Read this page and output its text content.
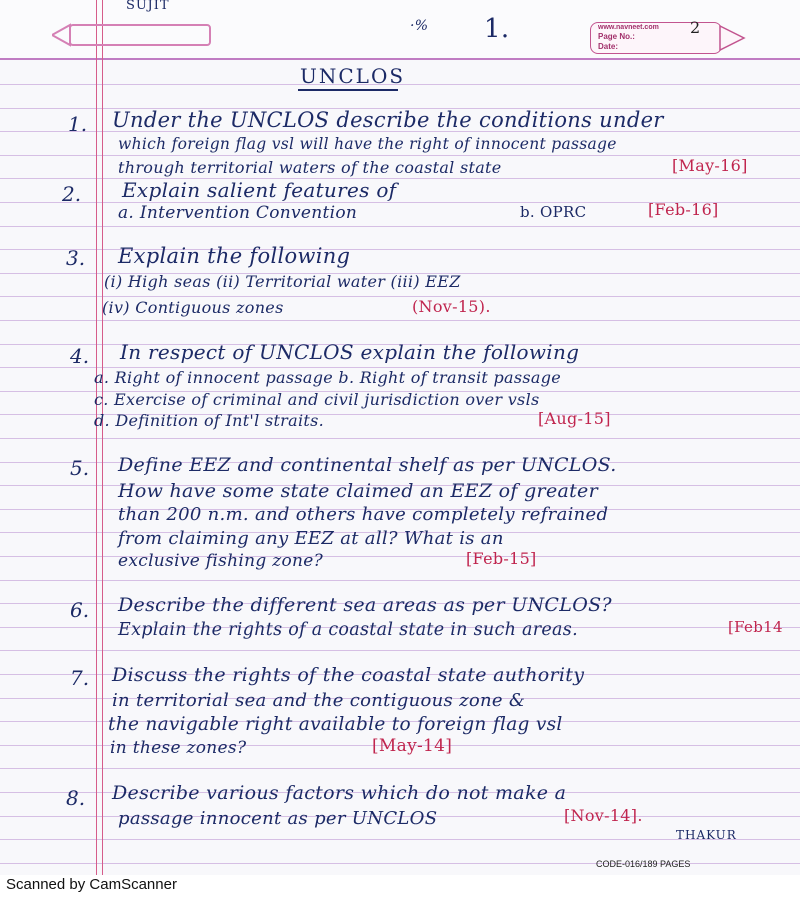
SUJIT
·% 1.	www.navneet.com
Page No.:	2
Date:
UNCLOS
1. Under the UNCLOS describe the conditions under
which foreign flag vsl will have the right of innocent passage
through territorial waters of the coastal state	[May-16]
2. Explain salient features of
a. Intervention Convention	b. OPRC	[Feb-16]
3. Explain the following
(i) High seas (ii) Territorial water (iii) EEZ
(iv) Contiguous zones	(Nov-15).
4. In respect of UNCLOS explain the following
a. Right of innocent passage b. Right of transit passage
c. Exercise of criminal and civil jurisdiction over vsls
d. Definition of Int'l straits.	[Aug-15]
5. Define EEZ and continental shelf as per UNCLOS.
How have some state claimed an EEZ of greater
than 200 n.m. and others have completely refrained
from claiming any EEZ at all? What is an
exclusive fishing zone?	[Feb-15]
6. Describe the different sea areas as per UNCLOS?
Explain the rights of a coastal state in such areas.	[Feb14
7. Discuss the rights of the coastal state authority
in territorial sea and the contiguous zone &
the navigable right available to foreign flag vsl
in these zones?	[May-14]
8. Describe various factors which do not make a
passage innocent as per UNCLOS	[Nov-14].
THAKUR
CODE-016/189 PAGES
Scanned by CamScanner
